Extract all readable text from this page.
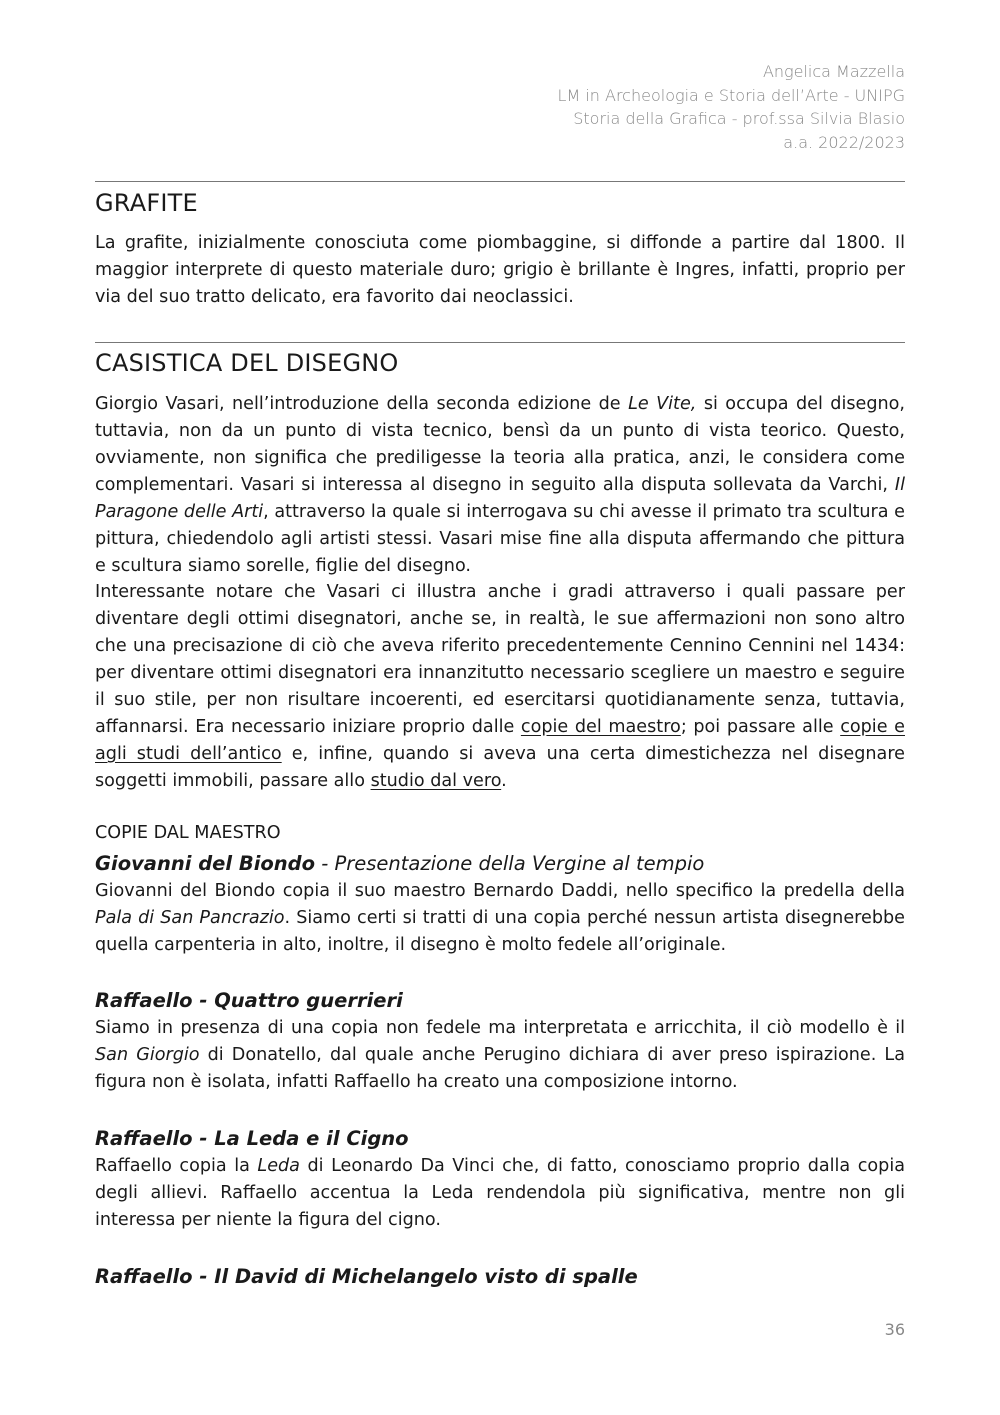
Angelica Mazzella
LM in Archeologia e Storia dell’Arte - UNIPG
Storia della Grafica - prof.ssa Silvia Blasio
a.a. 2022/2023
GRAFITE

La grafite, inizialmente conosciuta come piombaggine, si diffonde a partire dal 1800. Il maggior interprete di questo materiale duro; grigio è brillante è Ingres, infatti, proprio per via del suo tratto delicato, era favorito dai neoclassici.

CASISTICA DEL DISEGNO

Giorgio Vasari, nell’introduzione della seconda edizione de Le Vite, si occupa del disegno, tuttavia, non da un punto di vista tecnico, bensì da un punto di vista teorico. Questo, ovviamente, non significa che prediligesse la teoria alla pratica, anzi, le considera come complementari. Vasari si interessa al disegno in seguito alla disputa sollevata da Varchi, Il Paragone delle Arti, attraverso la quale si interrogava su chi avesse il primato tra scultura e pittura, chiedendolo agli artisti stessi. Vasari mise fine alla disputa affermando che pittura e scultura siamo sorelle, figlie del disegno.

Interessante notare che Vasari ci illustra anche i gradi attraverso i quali passare per diventare degli ottimi disegnatori, anche se, in realtà, le sue affermazioni non sono altro che una precisazione di ciò che aveva riferito precedentemente Cennino Cennini nel 1434: per diventare ottimi disegnatori era innanzitutto necessario scegliere un maestro e seguire il suo stile, per non risultare incoerenti, ed esercitarsi quotidianamente senza, tuttavia, affannarsi. Era necessario iniziare proprio dalle copie del maestro; poi passare alle copie e agli studi dell’antico e, infine, quando si aveva una certa dimestichezza nel disegnare soggetti immobili, passare allo studio dal vero.

COPIE DAL MAESTRO

Giovanni del Biondo - Presentazione della Vergine al tempio

Giovanni del Biondo copia il suo maestro Bernardo Daddi, nello specifico la predella della Pala di San Pancrazio. Siamo certi si tratti di una copia perché nessun artista disegnerebbe quella carpenteria in alto, inoltre, il disegno è molto fedele all’originale.

Raffaello - Quattro guerrieri

Siamo in presenza di una copia non fedele ma interpretata e arricchita, il ciò modello è il San Giorgio di Donatello, dal quale anche Perugino dichiara di aver preso ispirazione. La figura non è isolata, infatti Raffaello ha creato una composizione intorno.

Raffaello - La Leda e il Cigno

Raffaello copia la Leda di Leonardo Da Vinci che, di fatto, conosciamo proprio dalla copia degli allievi. Raffaello accentua la Leda rendendola più significativa, mentre non gli interessa per niente la figura del cigno.

Raffaello - Il David di Michelangelo visto di spalle

36
